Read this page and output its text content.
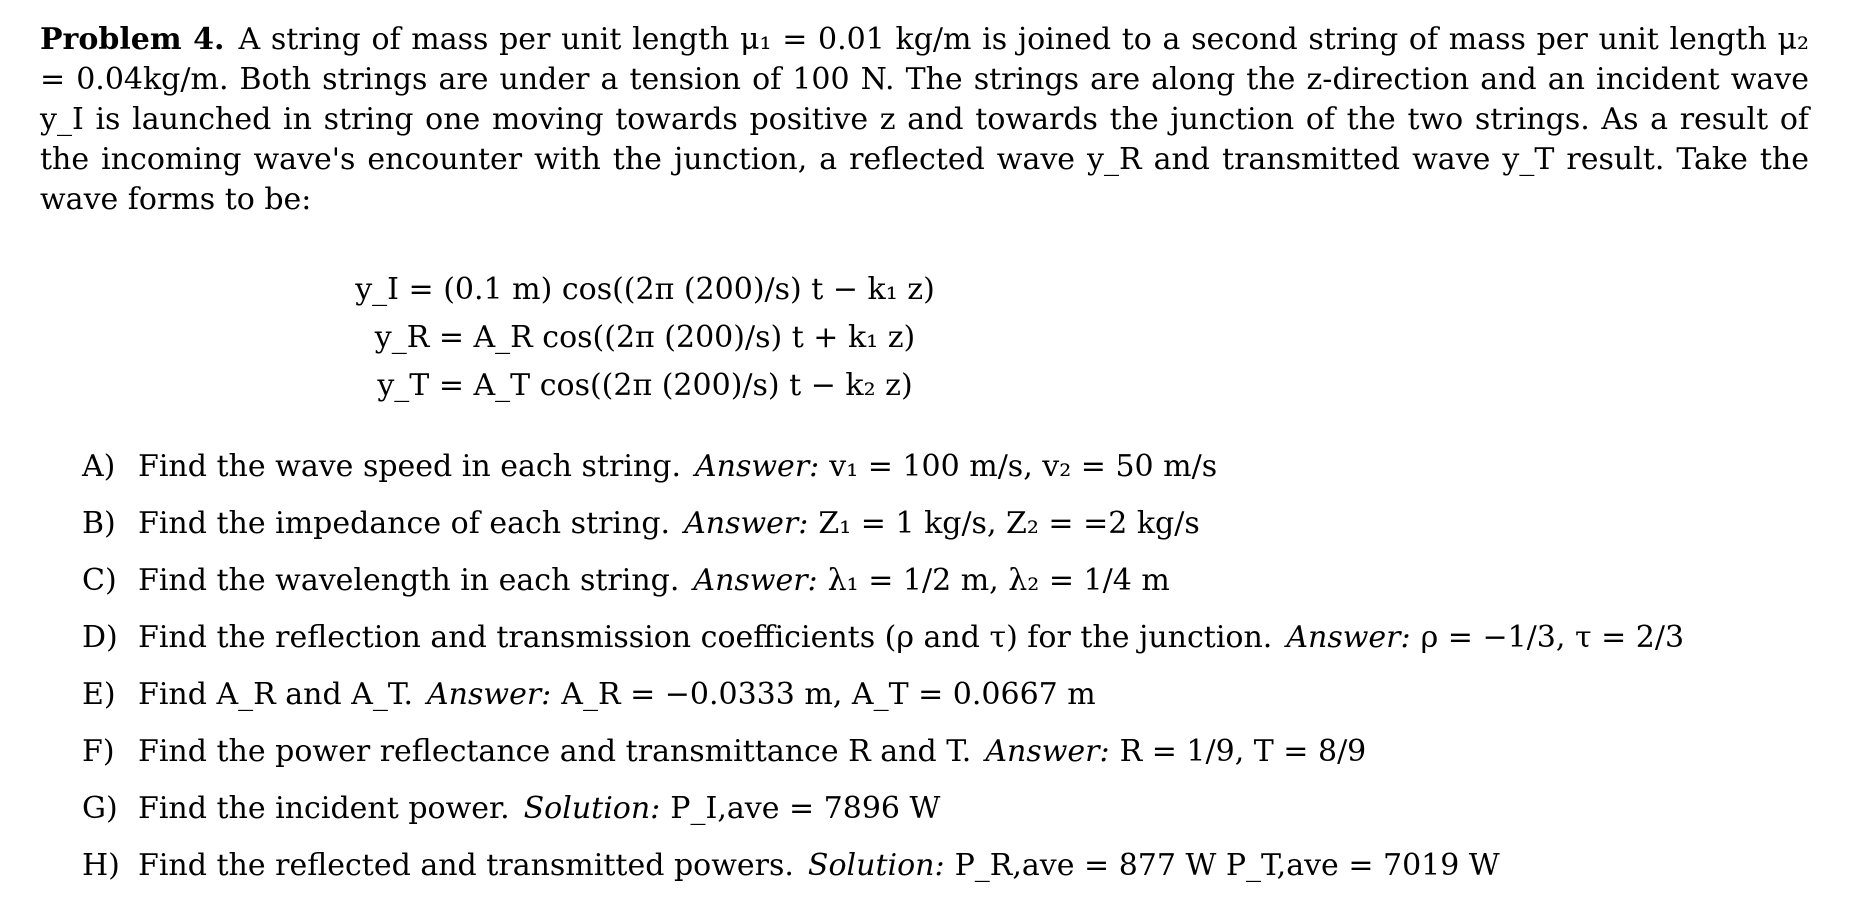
Problem 4. A string of mass per unit length μ₁ = 0.01 kg/m is joined to a second string of mass per unit length μ₂ = 0.04kg/m. Both strings are under a tension of 100 N. The strings are along the z-direction and an incident wave y_I is launched in string one moving towards positive z and towards the junction of the two strings. As a result of the incoming wave's encounter with the junction, a reflected wave y_R and transmitted wave y_T result. Take the wave forms to be:

y_I = (0.1 m) cos((2π (200)/s) t − k₁ z)
y_R = A_R cos((2π (200)/s) t + k₁ z)
y_T = A_T cos((2π (200)/s) t − k₂ z)
A) Find the wave speed in each string. Answer: v₁ = 100 m/s, v₂ = 50 m/s
B) Find the impedance of each string. Answer: Z₁ = 1 kg/s, Z₂ = =2 kg/s
C) Find the wavelength in each string. Answer: λ₁ = 1/2 m, λ₂ = 1/4 m
D) Find the reflection and transmission coefficients (ρ and τ) for the junction. Answer: ρ = −1/3, τ = 2/3
E) Find A_R and A_T. Answer: A_R = −0.0333 m, A_T = 0.0667 m
F) Find the power reflectance and transmittance R and T. Answer: R = 1/9, T = 8/9
G) Find the incident power. Solution: P_I,ave = 7896 W
H) Find the reflected and transmitted powers. Solution: P_R,ave = 877 W P_T,ave = 7019 W
